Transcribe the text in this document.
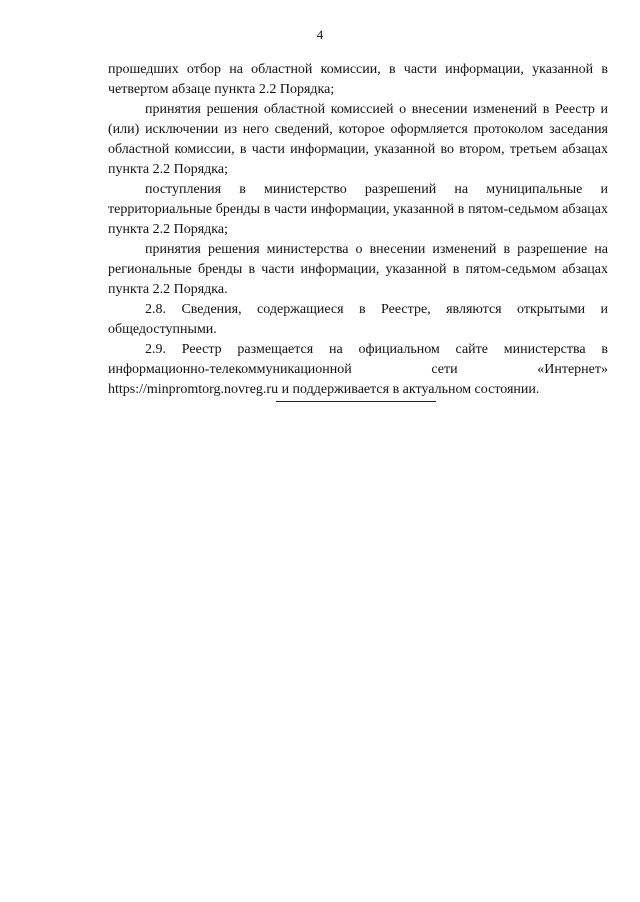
4

прошедших отбор на областной комиссии, в части информации, указанной в четвертом абзаце пункта 2.2 Порядка;

принятия решения областной комиссией о внесении изменений в Реестр и (или) исключении из него сведений, которое оформляется протоколом заседания областной комиссии, в части информации, указанной во втором, третьем абзацах пункта 2.2 Порядка;

поступления в министерство разрешений на муниципальные и территориальные бренды в части информации, указанной в пятом-седьмом абзацах пункта 2.2 Порядка;

принятия решения министерства о внесении изменений в разрешение на региональные бренды в части информации, указанной в пятом-седьмом абзацах пункта 2.2 Порядка.

2.8. Сведения, содержащиеся в Реестре, являются открытыми и общедоступными.

2.9. Реестр размещается на официальном сайте министерства в информационно-телекоммуникационной сети «Интернет» https://minpromtorg.novreg.ru и поддерживается в актуальном состоянии.
